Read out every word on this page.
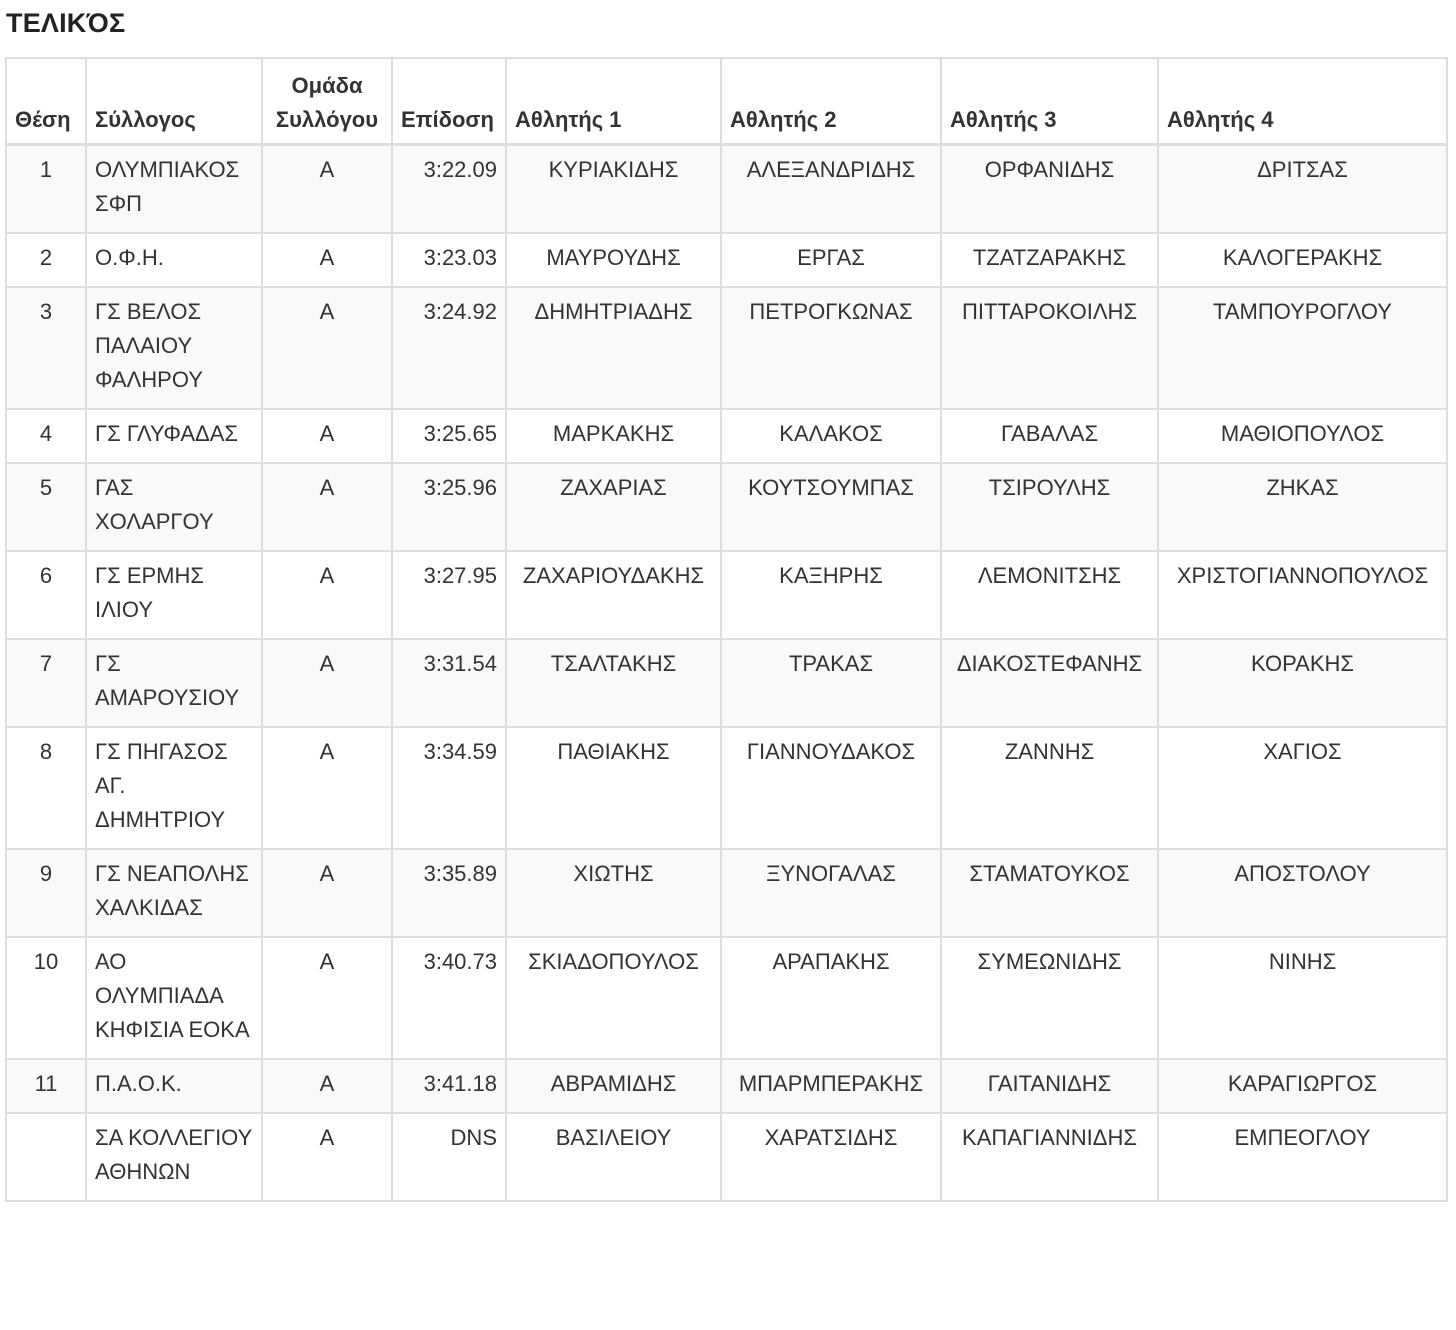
ΤΕΛΙΚΌΣ
Θέση	Σύλλογος	Ομάδα Συλλόγου	Επίδοση	Αθλητής 1	Αθλητής 2	Αθλητής 3	Αθλητής 4
1	ΟΛΥΜΠΙΑΚΟΣ ΣΦΠ	Α	3:22.09	ΚΥΡΙΑΚΙΔΗΣ	ΑΛΕΞΑΝΔΡΙΔΗΣ	ΟΡΦΑΝΙΔΗΣ	ΔΡΙΤΣΑΣ
2	Ο.Φ.Η.	Α	3:23.03	ΜΑΥΡΟΥΔΗΣ	ΕΡΓΑΣ	ΤΖΑΤΖΑΡΑΚΗΣ	ΚΑΛΟΓΕΡΑΚΗΣ
3	ΓΣ ΒΕΛΟΣ ΠΑΛΑΙΟΥ ΦΑΛΗΡΟΥ	Α	3:24.92	ΔΗΜΗΤΡΙΑΔΗΣ	ΠΕΤΡΟΓΚΩΝΑΣ	ΠΙΤΤΑΡΟΚΟΙΛΗΣ	ΤΑΜΠΟΥΡΟΓΛΟΥ
4	ΓΣ ΓΛΥΦΑΔΑΣ	Α	3:25.65	ΜΑΡΚΑΚΗΣ	ΚΑΛΑΚΟΣ	ΓΑΒΑΛΑΣ	ΜΑΘΙΟΠΟΥΛΟΣ
5	ΓΑΣ ΧΟΛΑΡΓΟΥ	Α	3:25.96	ΖΑΧΑΡΙΑΣ	ΚΟΥΤΣΟΥΜΠΑΣ	ΤΣΙΡΟΥΛΗΣ	ΖΗΚΑΣ
6	ΓΣ ΕΡΜΗΣ ΙΛΙΟΥ	Α	3:27.95	ΖΑΧΑΡΙΟΥΔΑΚΗΣ	ΚΑΞΗΡΗΣ	ΛΕΜΟΝΙΤΣΗΣ	ΧΡΙΣΤΟΓΙΑΝΝΟΠΟΥΛΟΣ
7	ΓΣ ΑΜΑΡΟΥΣΙΟΥ	Α	3:31.54	ΤΣΑΛΤΑΚΗΣ	ΤΡΑΚΑΣ	ΔΙΑΚΟΣΤΕΦΑΝΗΣ	ΚΟΡΑΚΗΣ
8	ΓΣ ΠΗΓΑΣΟΣ ΑΓ. ΔΗΜΗΤΡΙΟΥ	Α	3:34.59	ΠΑΘΙΑΚΗΣ	ΓΙΑΝΝΟΥΔΑΚΟΣ	ΖΑΝΝΗΣ	ΧΑΓΙΟΣ
9	ΓΣ ΝΕΑΠΟΛΗΣ ΧΑΛΚΙΔΑΣ	Α	3:35.89	ΧΙΩΤΗΣ	ΞΥΝΟΓΑΛΑΣ	ΣΤΑΜΑΤΟΥΚΟΣ	ΑΠΟΣΤΟΛΟΥ
10	ΑΟ ΟΛΥΜΠΙΑΔΑ ΚΗΦΙΣΙΑ ΕΟΚΑ	Α	3:40.73	ΣΚΙΑΔΟΠΟΥΛΟΣ	ΑΡΑΠΑΚΗΣ	ΣΥΜΕΩΝΙΔΗΣ	ΝΙΝΗΣ
11	Π.Α.Ο.Κ.	Α	3:41.18	ΑΒΡΑΜΙΔΗΣ	ΜΠΑΡΜΠΕΡΑΚΗΣ	ΓΑΙΤΑΝΙΔΗΣ	ΚΑΡΑΓΙΩΡΓΟΣ
	ΣΑ ΚΟΛΛΕΓΙΟΥ ΑΘΗΝΩΝ	Α	DNS	ΒΑΣΙΛΕΙΟΥ	ΧΑΡΑΤΣΙΔΗΣ	ΚΑΠΑΓΙΑΝΝΙΔΗΣ	ΕΜΠΕΟΓΛΟΥ
